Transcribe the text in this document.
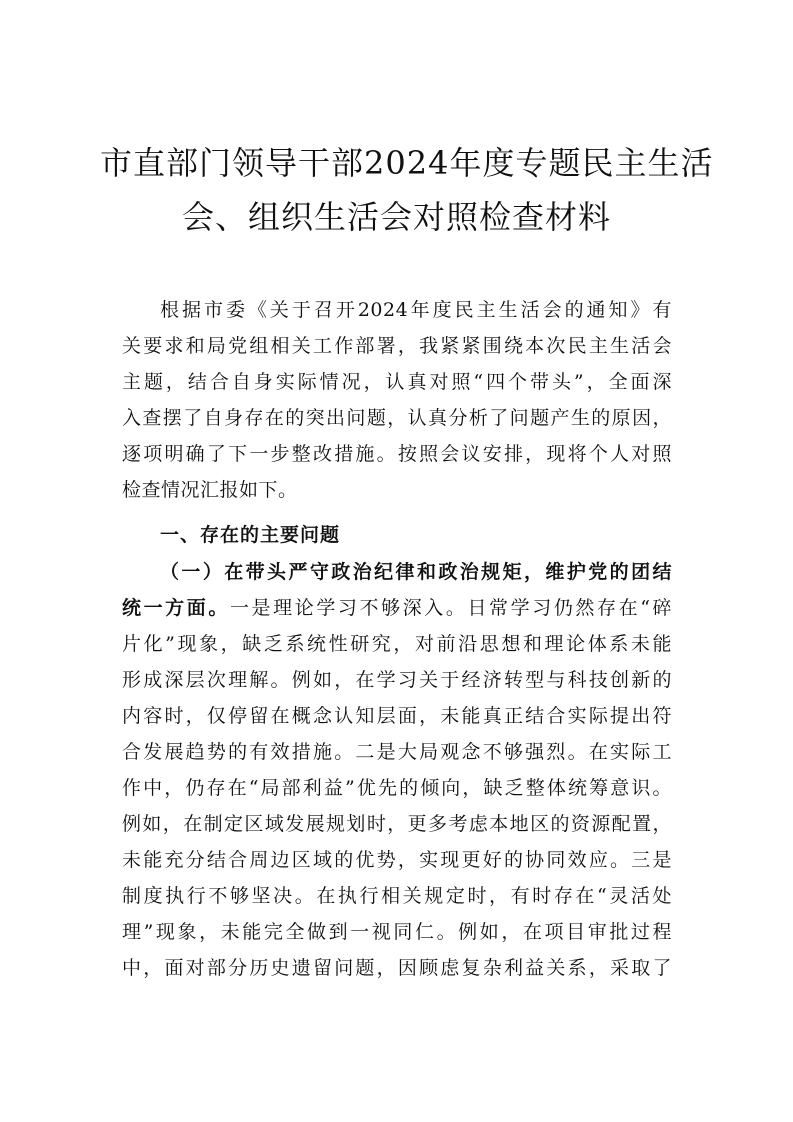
市直部门领导干部2024年度专题民主生活
会、组织生活会对照检查材料
根据市委《关于召开2024年度民主生活会的通知》有
关要求和局党组相关工作部署，我紧紧围绕本次民主生活会
主题，结合自身实际情况，认真对照“四个带头”，全面深
入查摆了自身存在的突出问题，认真分析了问题产生的原因，
逐项明确了下一步整改措施。按照会议安排，现将个人对照
检查情况汇报如下。
一、存在的主要问题
（一）在带头严守政治纪律和政治规矩，维护党的团结
统一方面。一是理论学习不够深入。日常学习仍然存在“碎
片化”现象，缺乏系统性研究，对前沿思想和理论体系未能
形成深层次理解。例如，在学习关于经济转型与科技创新的
内容时，仅停留在概念认知层面，未能真正结合实际提出符
合发展趋势的有效措施。二是大局观念不够强烈。在实际工
作中，仍存在“局部利益”优先的倾向，缺乏整体统筹意识。
例如，在制定区域发展规划时，更多考虑本地区的资源配置，
未能充分结合周边区域的优势，实现更好的协同效应。三是
制度执行不够坚决。在执行相关规定时，有时存在“灵活处
理”现象，未能完全做到一视同仁。例如，在项目审批过程
中，面对部分历史遗留问题，因顾虑复杂利益关系，采取了
